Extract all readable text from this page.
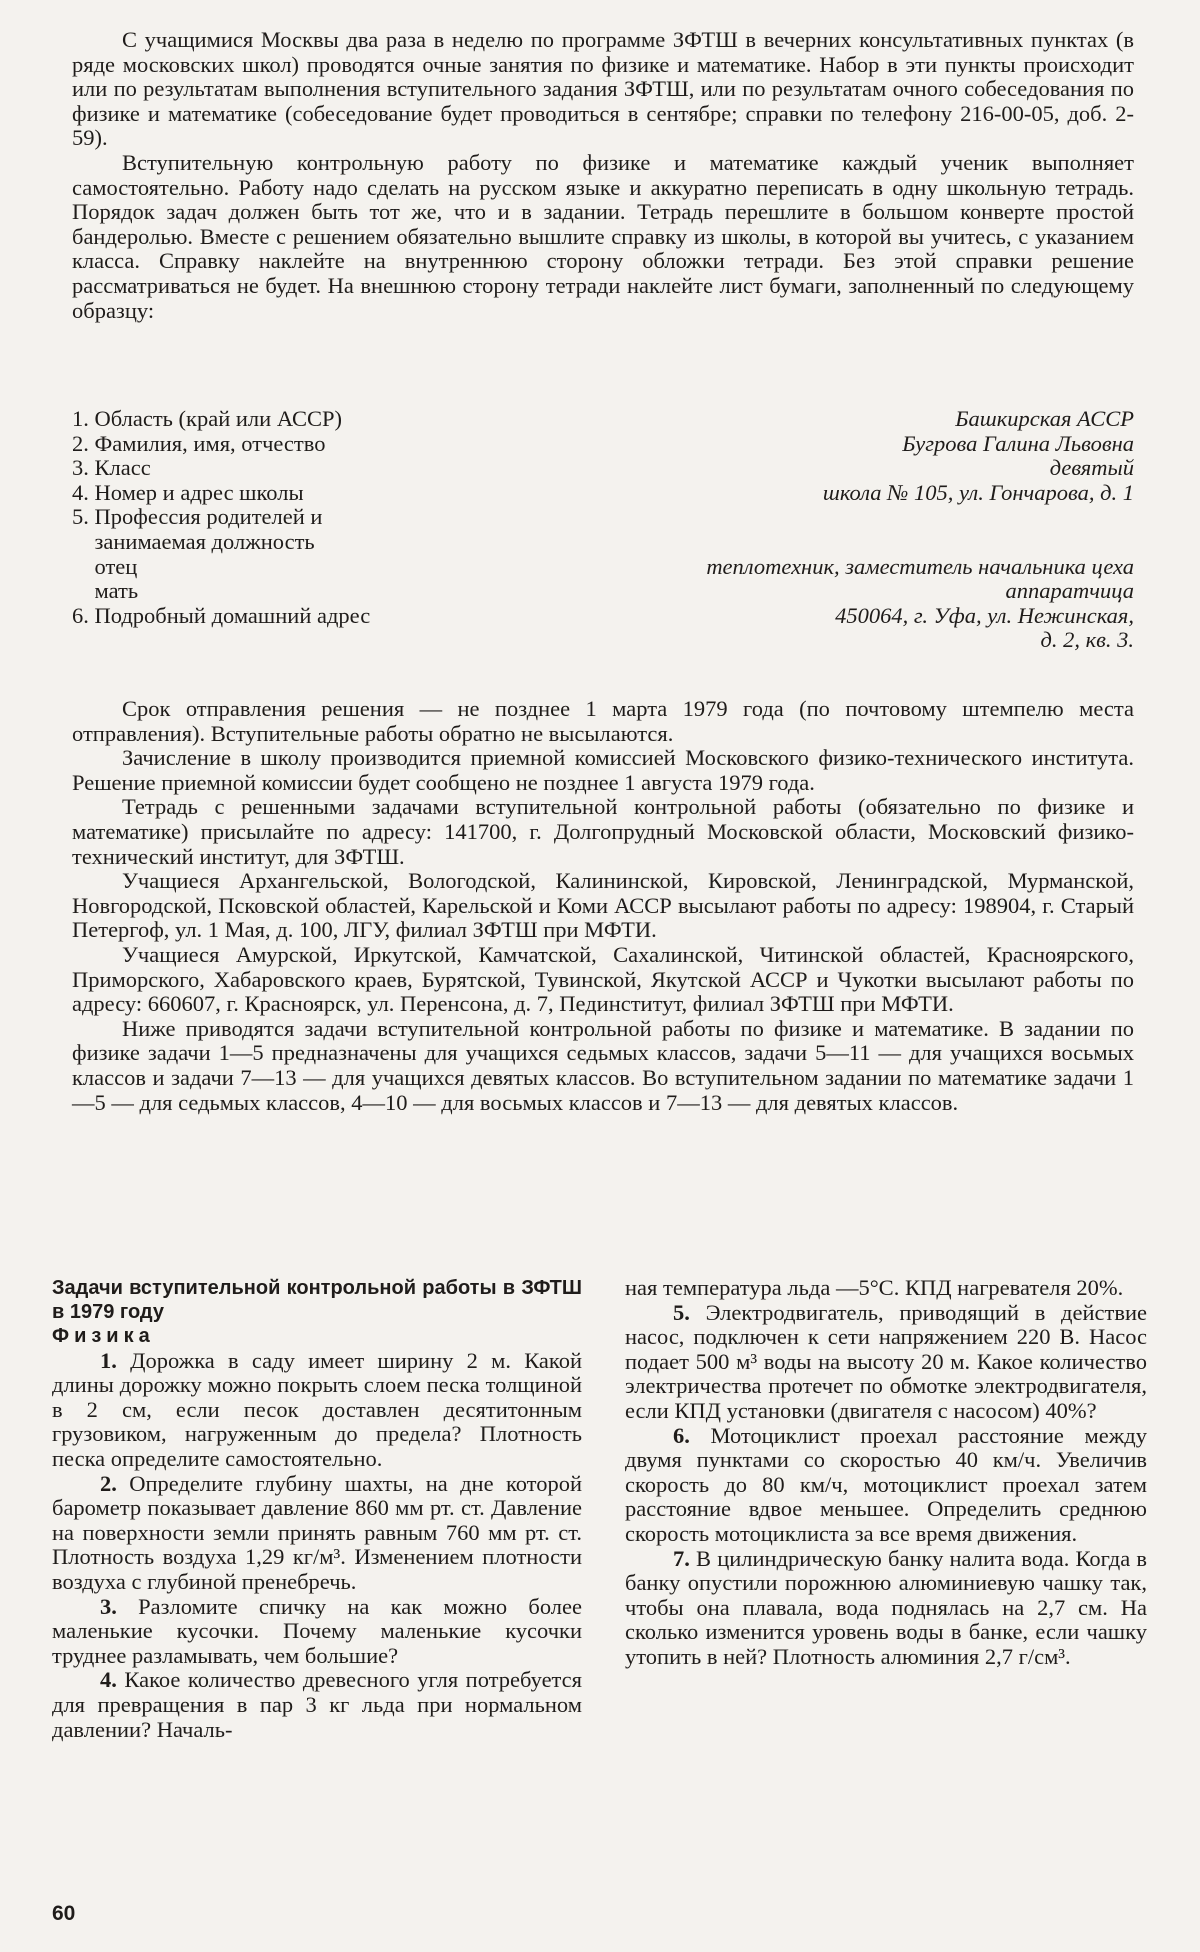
С учащимися Москвы два раза в неделю по программе ЗФТШ в вечерних консультативных пунктах (в ряде московских школ) проводятся очные занятия по физике и математике. Набор в эти пункты происходит или по результатам выполнения вступительного задания ЗФТШ, или по результатам очного собеседования по физике и математике (собеседование будет проводиться в сентябре; справки по телефону 216-00-05, доб. 2-59).

Вступительную контрольную работу по физике и математике каждый ученик выполняет самостоятельно. Работу надо сделать на русском языке и аккуратно переписать в одну школьную тетрадь. Порядок задач должен быть тот же, что и в задании. Тетрадь перешлите в большом конверте простой бандеролью. Вместе с решением обязательно вышлите справку из школы, в которой вы учитесь, с указанием класса. Справку наклейте на внутреннюю сторону обложки тетради. Без этой справки решение рассматриваться не будет. На внешнюю сторону тетради наклейте лист бумаги, заполненный по следующему образцу:

1. Область (край или АССР)	Башкирская АССР
2. Фамилия, имя, отчество	Бугрова Галина Львовна
3. Класс	девятый
4. Номер и адрес школы	школа № 105, ул. Гончарова, д. 1
5. Профессия родителей и
занимаемая должность
отец	теплотехник, заместитель начальника цеха
мать	аппаратчица
6. Подробный домашний адрес	450064, г. Уфа, ул. Нежинская,
д. 2, кв. 3.

Срок отправления решения — не позднее 1 марта 1979 года (по почтовому штемпелю места отправления). Вступительные работы обратно не высылаются.

Зачисление в школу производится приемной комиссией Московского физико-технического института. Решение приемной комиссии будет сообщено не позднее 1 августа 1979 года.

Тетрадь с решенными задачами вступительной контрольной работы (обязательно по физике и математике) присылайте по адресу: 141700, г. Долгопрудный Московской области, Московский физико-технический институт, для ЗФТШ.

Учащиеся Архангельской, Вологодской, Калининской, Кировской, Ленинградской, Мурманской, Новгородской, Псковской областей, Карельской и Коми АССР высылают работы по адресу: 198904, г. Старый Петергоф, ул. 1 Мая, д. 100, ЛГУ, филиал ЗФТШ при МФТИ.

Учащиеся Амурской, Иркутской, Камчатской, Сахалинской, Читинской областей, Красноярского, Приморского, Хабаровского краев, Бурятской, Тувинской, Якутской АССР и Чукотки высылают работы по адресу: 660607, г. Красноярск, ул. Перенсона, д. 7, Пединститут, филиал ЗФТШ при МФТИ.

Ниже приводятся задачи вступительной контрольной работы по физике и математике. В задании по физике задачи 1—5 предназначены для учащихся седьмых классов, задачи 5—11 — для учащихся восьмых классов и задачи 7—13 — для учащихся девятых классов. Во вступительном задании по математике задачи 1—5 — для седьмых классов, 4—10 — для восьмых классов и 7—13 — для девятых классов.

Задачи вступительной контрольной работы в ЗФТШ в 1979 году

Физика

1. Дорожка в саду имеет ширину 2 м. Какой длины дорожку можно покрыть слоем песка толщиной в 2 см, если песок доставлен десятитонным грузовиком, нагруженным до предела? Плотность песка определите самостоятельно.

2. Определите глубину шахты, на дне которой барометр показывает давление 860 мм рт. ст. Давление на поверхности земли принять равным 760 мм рт. ст. Плотность воздуха 1,29 кг/м³. Изменением плотности воздуха с глубиной пренебречь.

3. Разломите спичку на как можно более маленькие кусочки. Почему маленькие кусочки труднее разламывать, чем большие?

4. Какое количество древесного угля потребуется для превращения в пар 3 кг льда при нормальном давлении? Началь-

ная температура льда —5°С. КПД нагревателя 20%.

5. Электродвигатель, приводящий в действие насос, подключен к сети напряжением 220 В. Насос подает 500 м³ воды на высоту 20 м. Какое количество электричества протечет по обмотке электродвигателя, если КПД установки (двигателя с насосом) 40%?

6. Мотоциклист проехал расстояние между двумя пунктами со скоростью 40 км/ч. Увеличив скорость до 80 км/ч, мотоциклист проехал затем расстояние вдвое меньшее. Определить среднюю скорость мотоциклиста за все время движения.

7. В цилиндрическую банку налита вода. Когда в банку опустили порожнюю алюминиевую чашку так, чтобы она плавала, вода поднялась на 2,7 см. На сколько изменится уровень воды в банке, если чашку утопить в ней? Плотность алюминия 2,7 г/см³.

60
